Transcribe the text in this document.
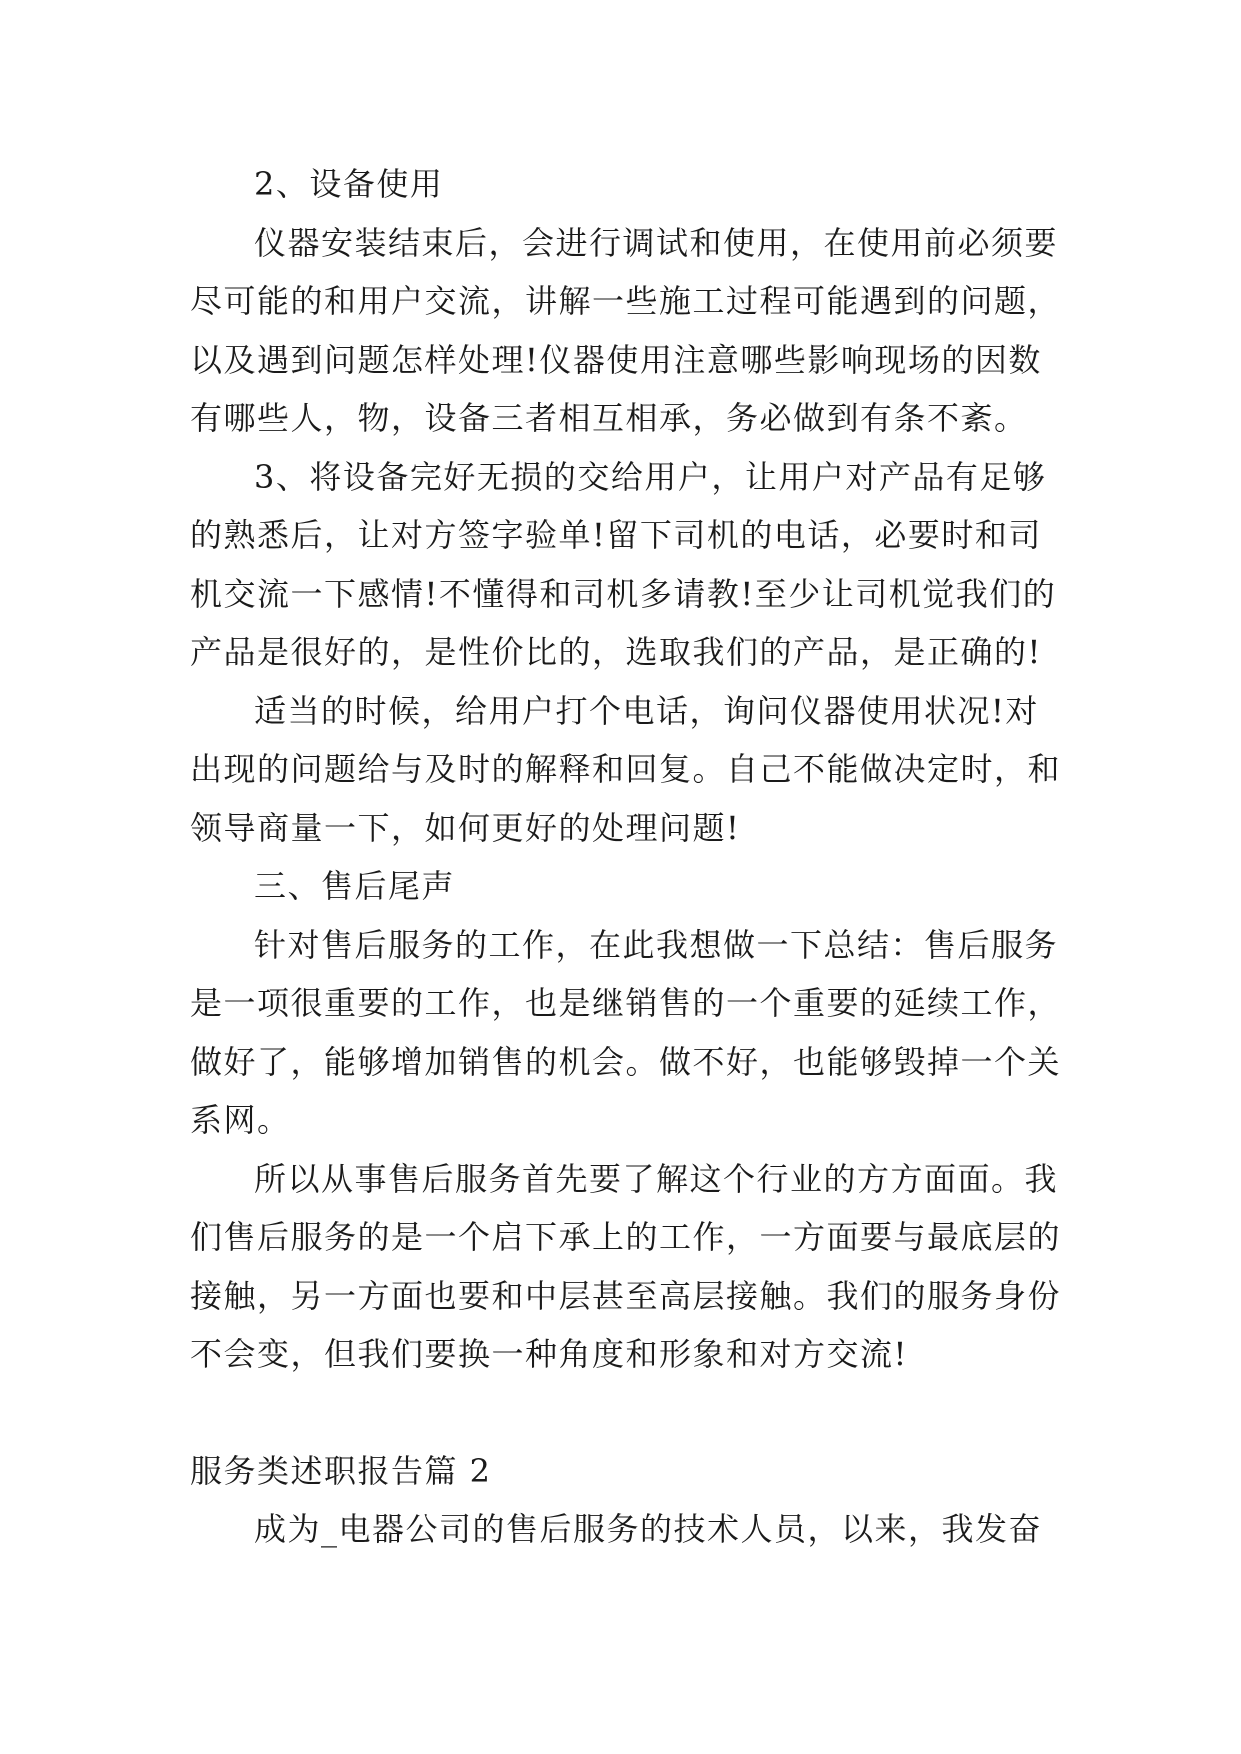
2、设备使用
仪器安装结束后，会进行调试和使用，在使用前必须要
尽可能的和用户交流，讲解一些施工过程可能遇到的问题，
以及遇到问题怎样处理!仪器使用注意哪些影响现场的因数
有哪些人，物，设备三者相互相承，务必做到有条不紊。
3、将设备完好无损的交给用户，让用户对产品有足够
的熟悉后，让对方签字验单!留下司机的电话，必要时和司
机交流一下感情!不懂得和司机多请教!至少让司机觉我们的
产品是很好的，是性价比的，选取我们的产品，是正确的!
适当的时候，给用户打个电话，询问仪器使用状况!对
出现的问题给与及时的解释和回复。自己不能做决定时，和
领导商量一下，如何更好的处理问题!
三、售后尾声
针对售后服务的工作，在此我想做一下总结：售后服务
是一项很重要的工作，也是继销售的一个重要的延续工作，
做好了，能够增加销售的机会。做不好，也能够毁掉一个关
系网。
所以从事售后服务首先要了解这个行业的方方面面。我
们售后服务的是一个启下承上的工作，一方面要与最底层的
接触，另一方面也要和中层甚至高层接触。我们的服务身份
不会变，但我们要换一种角度和形象和对方交流!
服务类述职报告篇 2
成为_电器公司的售后服务的技术人员，以来，我发奋
